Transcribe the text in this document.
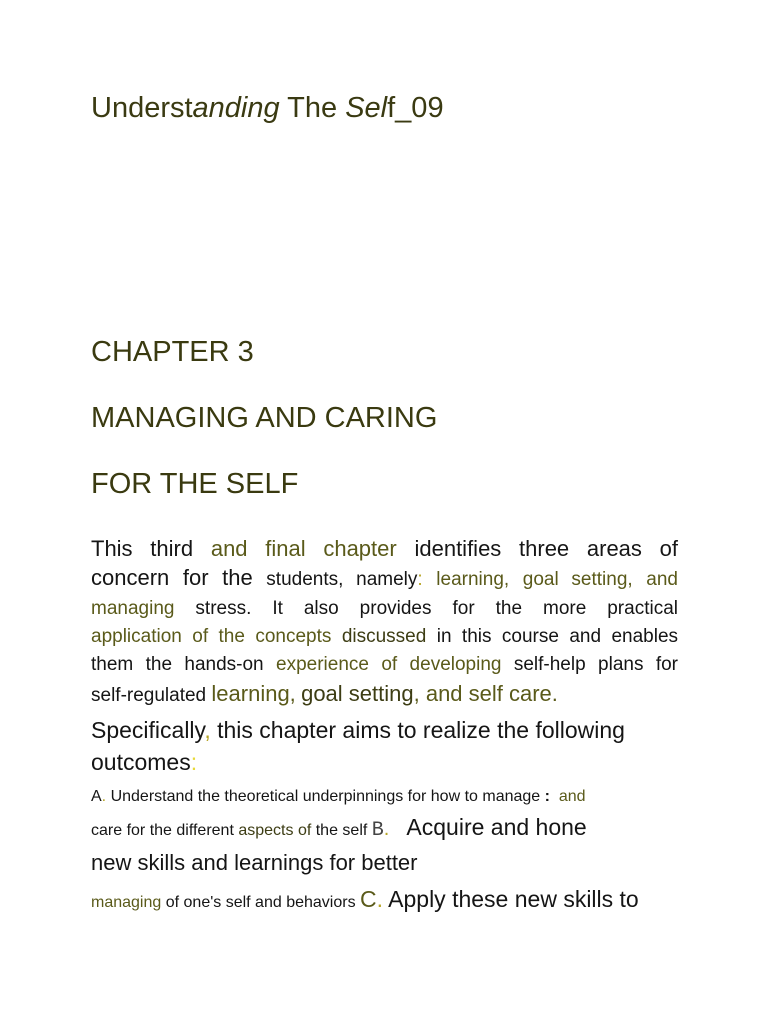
Understanding The Self_09
CHAPTER 3
MANAGING AND CARING
FOR THE SELF
This third and final chapter identifies three areas of
concern for the students, namely: learning, goal setting, and
managing stress. It also provides for the more practical
application of the concepts discussed in this course and enables
them the hands-on experience of developing self-help plans for
self-regulated learning, goal setting, and self care.
Specifically, this chapter aims to realize the following
outcomes:
A. Understand the theoretical underpinnings for how to manage :  and
care for the different aspects of the self B.   Acquire and hone
new skills and learnings for better
managing of one's self and behaviors C. Apply these new skills to
